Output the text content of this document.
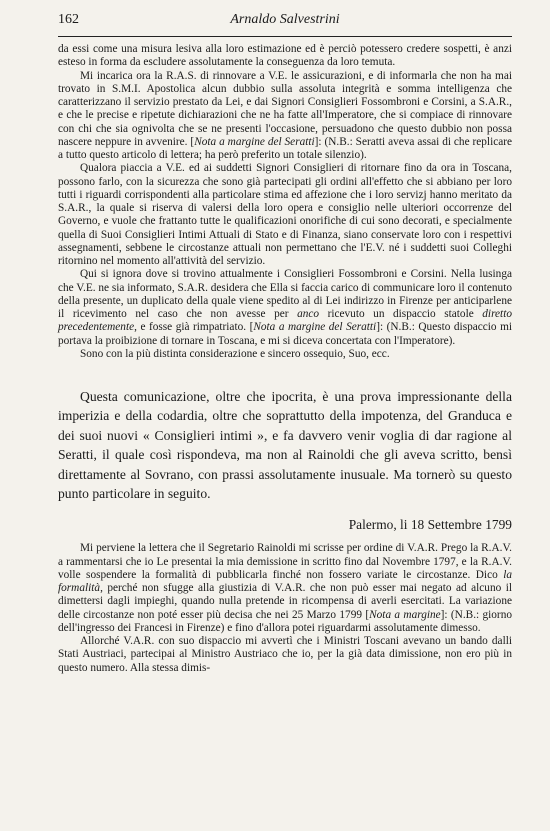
162	Arnaldo Salvestrini

da essi come una misura lesiva alla loro estimazione ed è perciò potessero credere sospetti, è anzi esteso in forma da escludere assolutamente la conseguenza da loro temuta.

Mi incarica ora la R.A.S. di rinnovare a V.E. le assicurazioni, e di informarla che non ha mai trovato in S.M.I. Apostolica alcun dubbio sulla assoluta integrità e somma intelligenza che caratterizzano il servizio prestato da Lei, e dai Signori Consiglieri Fossombroni e Corsini, a S.A.R., e che le precise e ripetute dichiarazioni che ne ha fatte all'Imperatore, che si compiace di rinnovare con chi che sia ognivolta che se ne presenti l'occasione, persuadono che questo dubbio non possa nascere neppure in avvenire. [Nota a margine del Seratti]: (N.B.: Seratti aveva assai di che replicare a tutto questo articolo di lettera; ha però preferito un totale silenzio).

Qualora piaccia a V.E. ed ai suddetti Signori Consiglieri di ritornare fino da ora in Toscana, possono farlo, con la sicurezza che sono già partecipati gli ordini all'effetto che si abbiano per loro tutti i riguardi corrispondenti alla particolare stima ed affezione che i loro servizj hanno meritato da S.A.R., la quale si riserva di valersi della loro opera e consiglio nelle ulteriori occorrenze del Governo, e vuole che frattanto tutte le qualificazioni onorifiche di cui sono decorati, e specialmente quella di Suoi Consiglieri Intimi Attuali di Stato e di Finanza, siano conservate loro con i respettivi assegnamenti, sebbene le circostanze attuali non permettano che l'E.V. né i suddetti suoi Colleghi ritornino nel momento all'attività del servizio.

Qui si ignora dove si trovino attualmente i Consiglieri Fossombroni e Corsini. Nella lusinga che V.E. ne sia informato, S.A.R. desidera che Ella si faccia carico di communicare loro il contenuto della presente, un duplicato della quale viene spedito al di Lei indirizzo in Firenze per anticiparlene il ricevimento nel caso che non avesse per anco ricevuto un dispaccio statole diretto precedentemente, e fosse già rimpatriato. [Nota a margine del Seratti]: (N.B.: Questo dispaccio mi portava la proibizione di tornare in Toscana, e mi si diceva concertata con l'Imperatore).

Sono con la più distinta considerazione e sincero ossequio, Suo, ecc.

Questa comunicazione, oltre che ipocrita, è una prova impressionante della imperizia e della codardia, oltre che soprattutto della impotenza, del Granduca e dei suoi nuovi « Consiglieri intimi », e fa davvero venir voglia di dar ragione al Seratti, il quale così rispondeva, ma non al Rainoldi che gli aveva scritto, bensì direttamente al Sovrano, con prassi assolutamente inusuale. Ma tornerò su questo punto particolare in seguito.

Palermo, li 18 Settembre 1799

Mi perviene la lettera che il Segretario Rainoldi mi scrisse per ordine di V.A.R. Prego la R.A.V. a rammentarsi che io Le presentai la mia demissione in scritto fino dal Novembre 1797, e la R.A.V. volle sospendere la formalità di pubblicarla finché non fossero variate le circostanze. Dico la formalità, perché non sfugge alla giustizia di V.A.R. che non può esser mai negato ad alcuno il dimettersi dagli impieghi, quando nulla pretende in ricompensa di averli esercitati. La variazione delle circostanze non poté esser più decisa che nei 25 Marzo 1799 [Nota a margine]: (N.B.: giorno dell'ingresso dei Francesi in Firenze) e fino d'allora potei riguardarmi assolutamente dimesso.

Allorché V.A.R. con suo dispaccio mi avvertì che i Ministri Toscani avevano un bando dalli Stati Austriaci, partecipai al Ministro Austriaco che io, per la già data dimissione, non ero più in questo numero. Alla stessa dimis-
